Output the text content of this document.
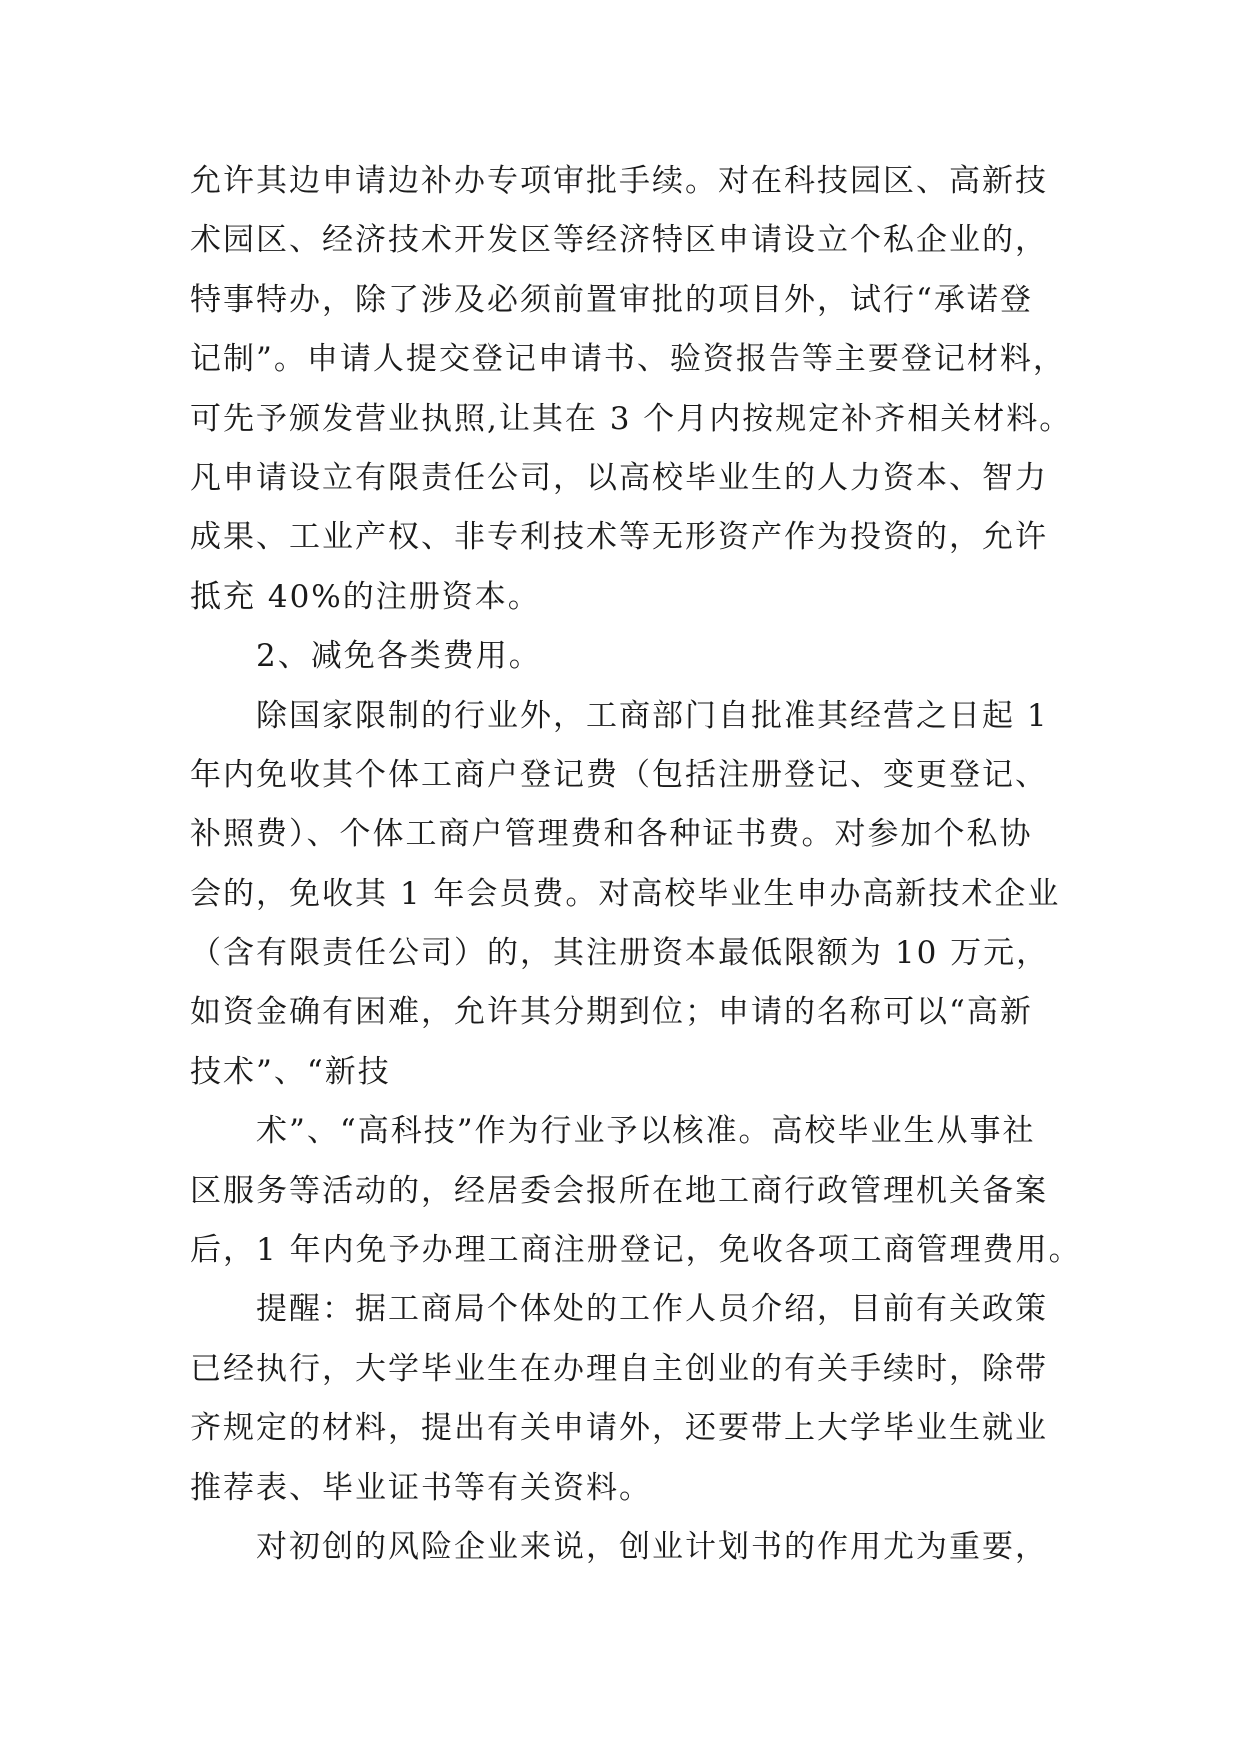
允许其边申请边补办专项审批手续。对在科技园区、高新技
术园区、经济技术开发区等经济特区申请设立个私企业的，
特事特办，除了涉及必须前置审批的项目外，试行“承诺登
记制”。申请人提交登记申请书、验资报告等主要登记材料，
可先予颁发营业执照,让其在 3 个月内按规定补齐相关材料。
凡申请设立有限责任公司，以高校毕业生的人力资本、智力
成果、工业产权、非专利技术等无形资产作为投资的，允许
抵充 40%的注册资本。
2、减免各类费用。
除国家限制的行业外，工商部门自批准其经营之日起 1
年内免收其个体工商户登记费（包括注册登记、变更登记、
补照费）、个体工商户管理费和各种证书费。对参加个私协
会的，免收其 1 年会员费。对高校毕业生申办高新技术企业
（含有限责任公司）的，其注册资本最低限额为 10 万元，
如资金确有困难，允许其分期到位；申请的名称可以“高新
技术”、“新技
术”、“高科技”作为行业予以核准。高校毕业生从事社
区服务等活动的，经居委会报所在地工商行政管理机关备案
后，1 年内免予办理工商注册登记，免收各项工商管理费用。
提醒：据工商局个体处的工作人员介绍，目前有关政策
已经执行，大学毕业生在办理自主创业的有关手续时，除带
齐规定的材料，提出有关申请外，还要带上大学毕业生就业
推荐表、毕业证书等有关资料。
对初创的风险企业来说，创业计划书的作用尤为重要，
